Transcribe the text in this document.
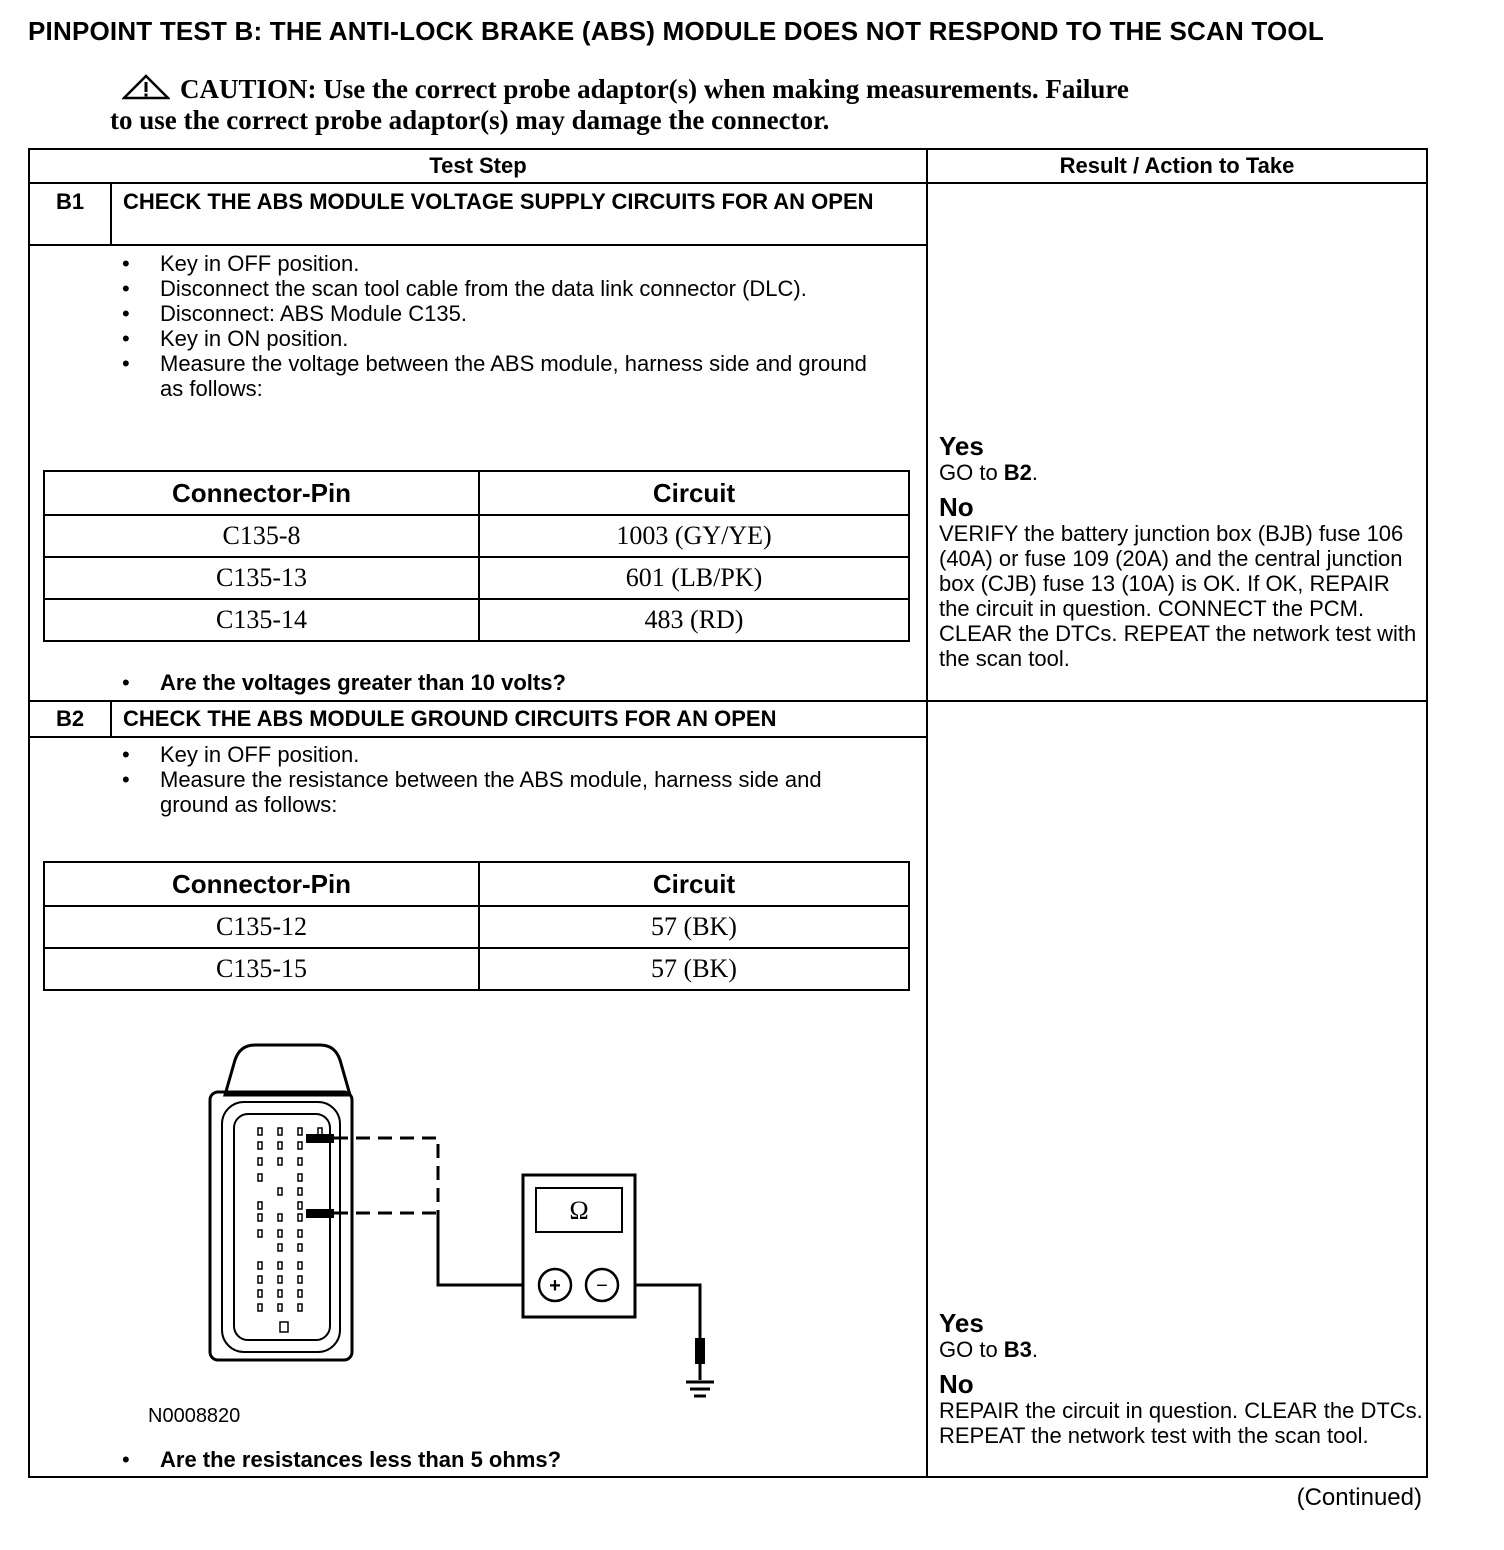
PINPOINT TEST B: THE ANTI-LOCK BRAKE (ABS) MODULE DOES NOT RESPOND TO THE SCAN TOOL
CAUTION: Use the correct probe adaptor(s) when making measurements. Failure
to use the correct probe adaptor(s) may damage the connector.
Test Step	Result / Action to Take
B1	CHECK THE ABS MODULE VOLTAGE SUPPLY CIRCUITS FOR AN OPEN
• Key in OFF position.
• Disconnect the scan tool cable from the data link connector (DLC).
• Disconnect: ABS Module C135.
• Key in ON position.
• Measure the voltage between the ABS module, harness side and ground as follows:
Connector-Pin	Circuit
C135-8	1003 (GY/YE)
C135-13	601 (LB/PK)
C135-14	483 (RD)
• Are the voltages greater than 10 volts?
Yes
GO to B2.
No
VERIFY the battery junction box (BJB) fuse 106 (40A) or fuse 109 (20A) and the central junction box (CJB) fuse 13 (10A) is OK. If OK, REPAIR the circuit in question. CONNECT the PCM. CLEAR the DTCs. REPEAT the network test with the scan tool.
B2	CHECK THE ABS MODULE GROUND CIRCUITS FOR AN OPEN
• Key in OFF position.
• Measure the resistance between the ABS module, harness side and ground as follows:
Connector-Pin	Circuit
C135-12	57 (BK)
C135-15	57 (BK)
Ω
+ −
N0008820
• Are the resistances less than 5 ohms?
Yes
GO to B3.
No
REPAIR the circuit in question. CLEAR the DTCs. REPEAT the network test with the scan tool.
(Continued)
